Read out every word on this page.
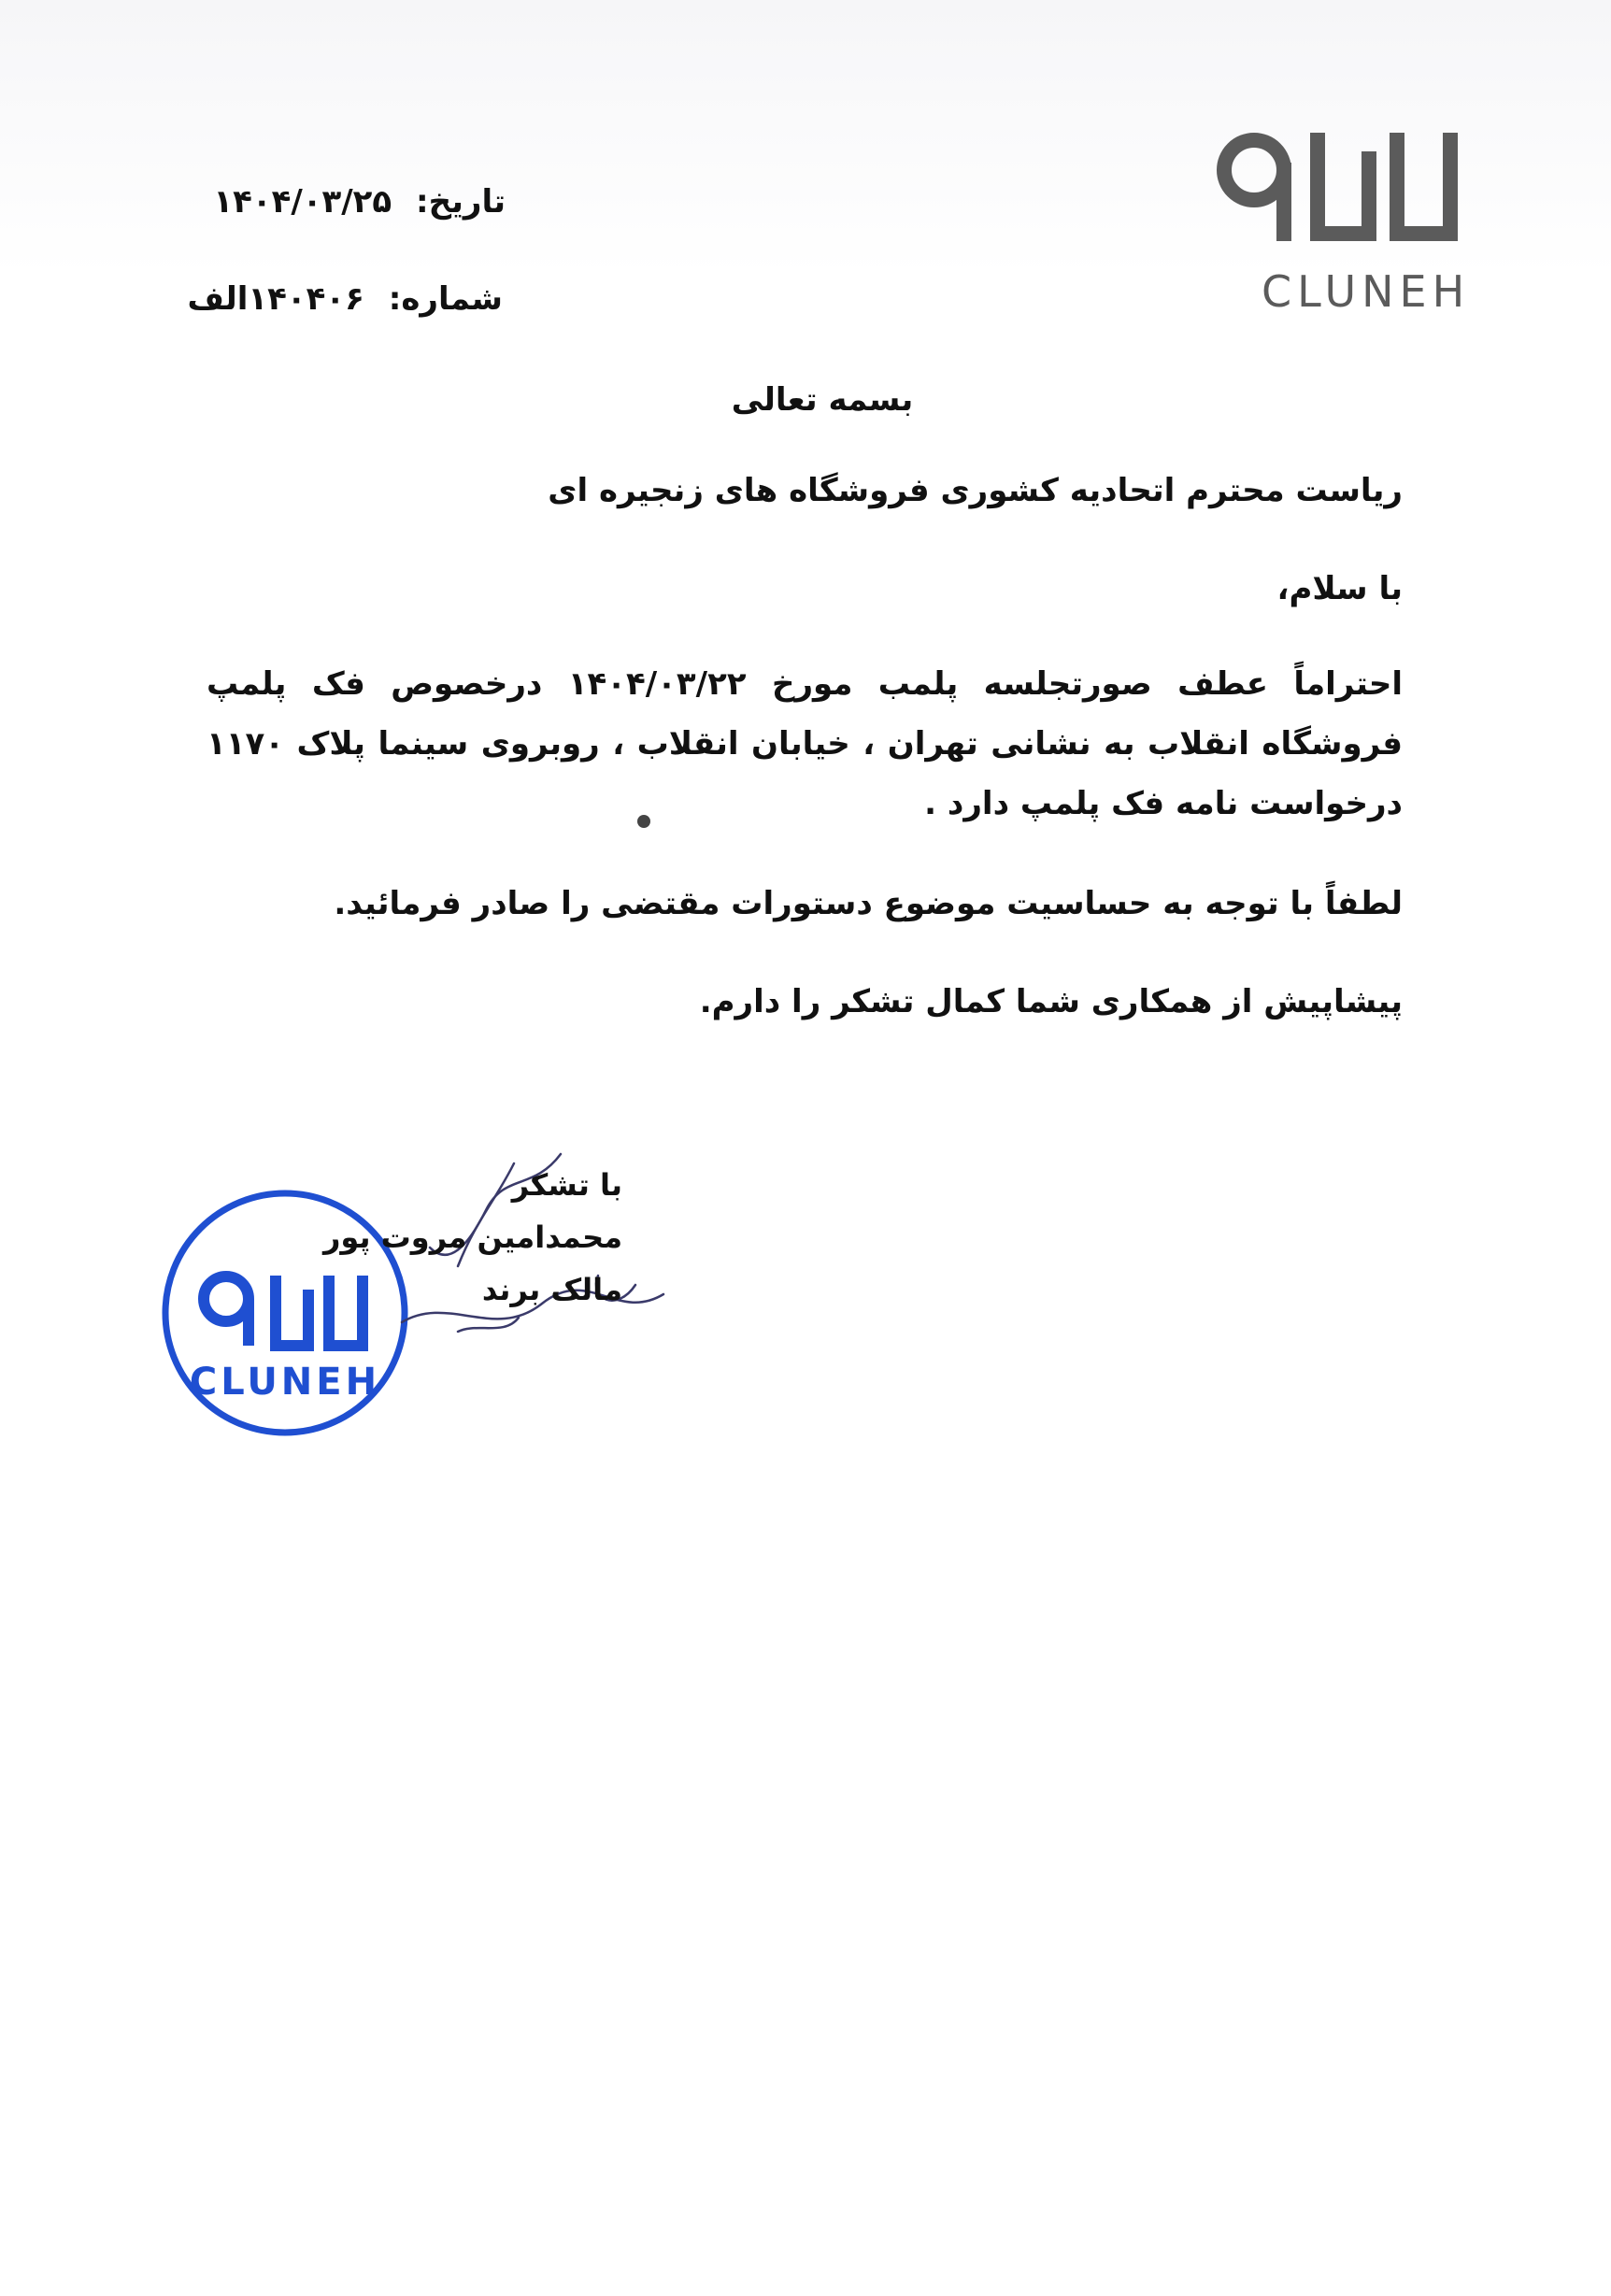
CLUNEH
تاریخ: ۱۴۰۴/۰۳/۲۵
شماره: ۱۴۰۴۰۶الف
بسمه تعالی
ریاست محترم اتحادیه کشوری فروشگاه های زنجیره ای
با سلام،
احتراماً عطف صورتجلسه پلمب مورخ ۱۴۰۴/۰۳/۲۲ درخصوص فک پلمپ فروشگاه انقلاب به نشانی تهران ، خیابان انقلاب ، روبروی سینما پلاک ۱۱۷۰ درخواست نامه فک پلمپ دارد .
لطفاً با توجه به حساسیت موضوع دستورات مقتضی را صادر فرمائید.
پیشاپیش از همکاری شما کمال تشکر را دارم.
CLUNEH
با تشکر
محمدامین مروت پور
مالک برند
